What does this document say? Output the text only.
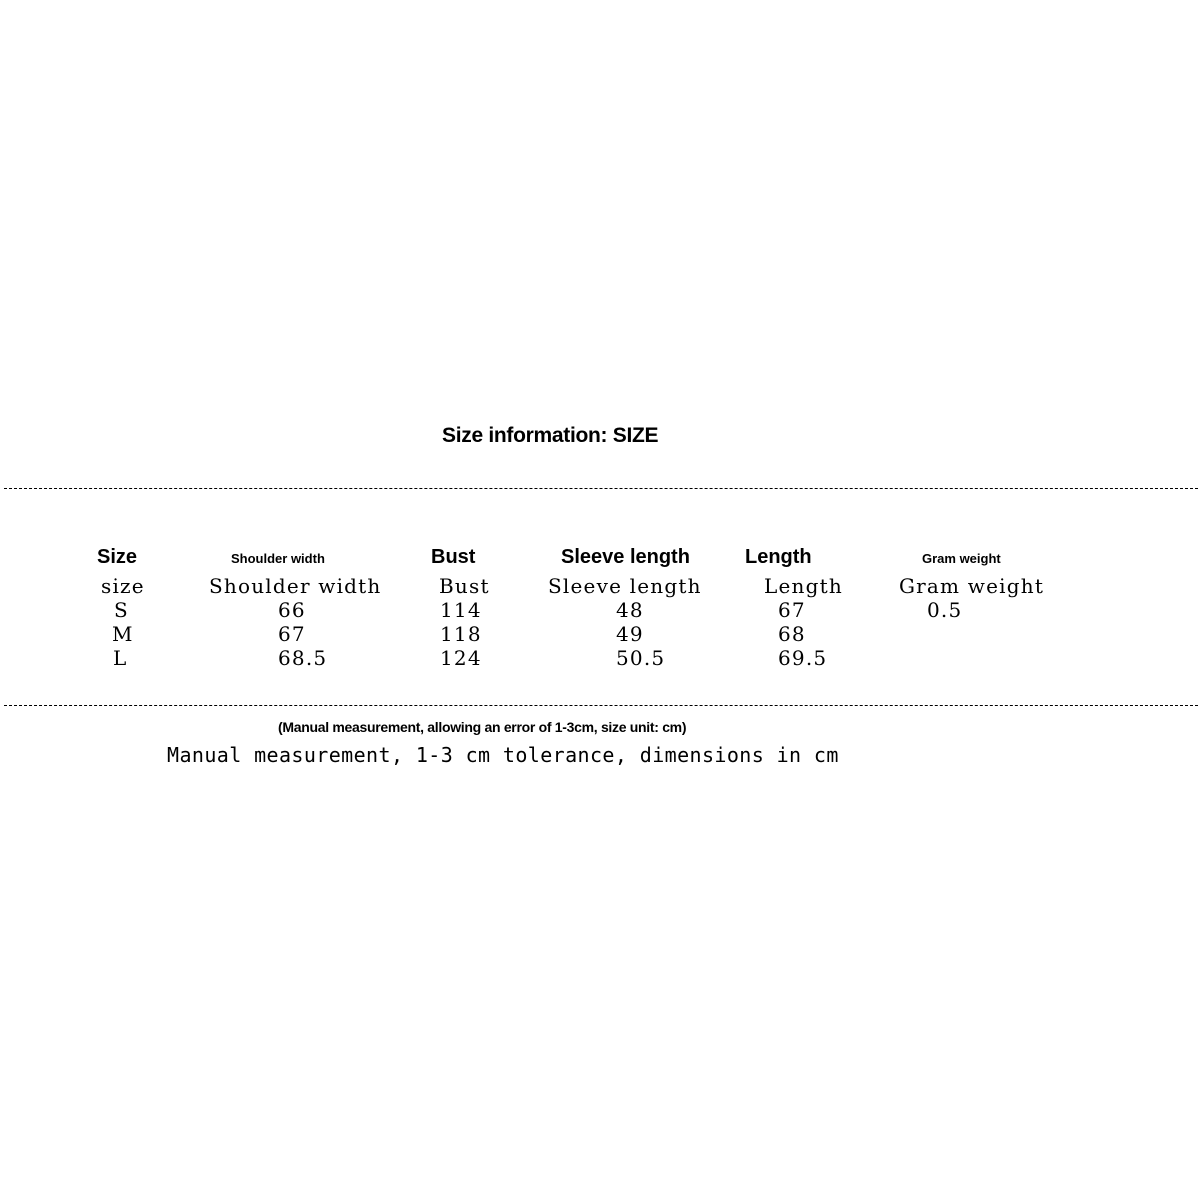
Size information: SIZE
Size	Shoulder width	Bust	Sleeve length	Length	Gram weight
size	Shoulder width	Bust	Sleeve length	Length	Gram weight
S	66	114	48	67	0.5
M	67	118	49	68
L	68.5	124	50.5	69.5
(Manual measurement, allowing an error of 1-3cm, size unit: cm)
Manual measurement, 1-3 cm tolerance, dimensions in cm
